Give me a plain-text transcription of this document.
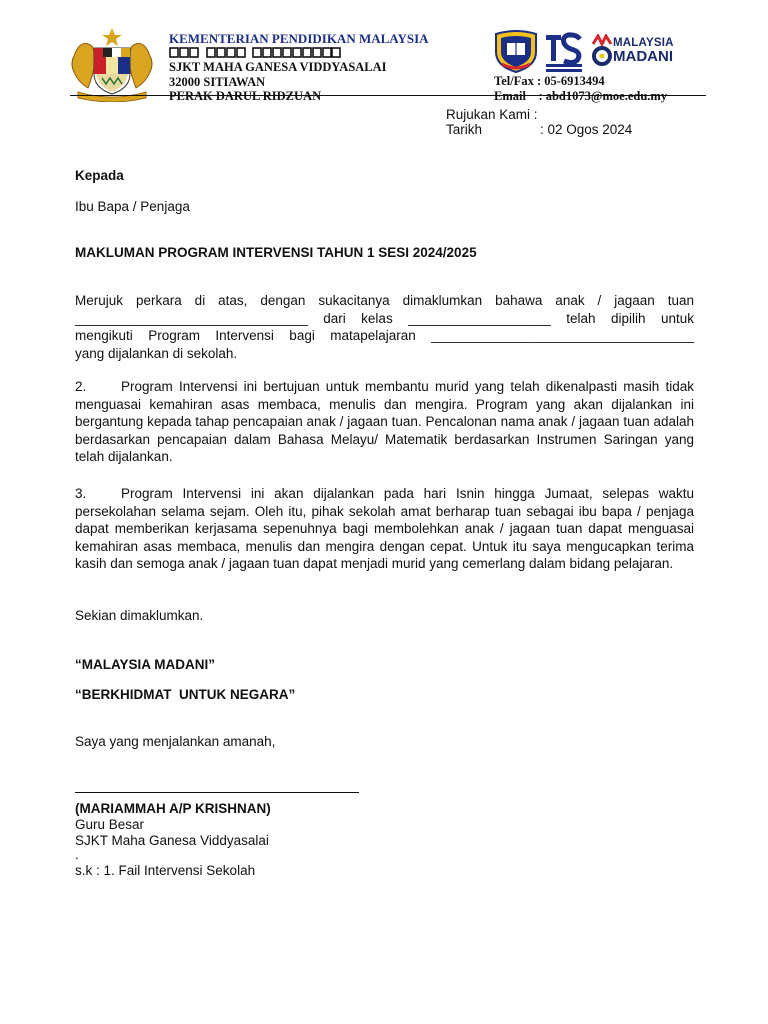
KEMENTERIAN PENDIDIKAN MALAYSIA
SJKT MAHA GANESA VIDDYASALAI
32000 SITIAWAN
PERAK DARUL RIDZUAN
MALAYSIA
MADANI
Tel/Fax : 05-6913494
Email    : abd1073@moe.edu.my
Rujukan Kami :
Tarikh	: 02 Ogos 2024
Kepada
Ibu Bapa / Penjaga
MAKLUMAN PROGRAM INTERVENSI TAHUN 1 SESI 2024/2025
Merujuk perkara di atas, dengan sukacitanya dimaklumkan bahawa anak / jagaan tuan
_______________________________ dari kelas ___________________ telah dipilih untuk
mengikuti Program Intervensi bagi matapelajaran ___________________________________
yang dijalankan di sekolah.

2.	Program Intervensi ini bertujuan untuk membantu murid yang telah dikenalpasti masih tidak menguasai kemahiran asas membaca, menulis dan mengira. Program yang akan dijalankan ini bergantung kepada tahap pencapaian anak / jagaan tuan. Pencalonan nama anak / jagaan tuan adalah berdasarkan pencapaian dalam Bahasa Melayu/ Matematik berdasarkan Instrumen Saringan yang telah dijalankan.

3.	Program Intervensi ini akan dijalankan pada hari Isnin hingga Jumaat, selepas waktu persekolahan selama sejam. Oleh itu, pihak sekolah amat berharap tuan sebagai ibu bapa / penjaga dapat memberikan kerjasama sepenuhnya bagi membolehkan anak / jagaan tuan dapat menguasai kemahiran asas membaca, menulis dan mengira dengan cepat. Untuk itu saya mengucapkan terima kasih dan semoga anak / jagaan tuan dapat menjadi murid yang cemerlang dalam bidang pelajaran.

Sekian dimaklumkan.
“MALAYSIA MADANI”
“BERKHIDMAT  UNTUK NEGARA”
Saya yang menjalankan amanah,
(MARIAMMAH A/P KRISHNAN)
Guru Besar
SJKT Maha Ganesa Viddyasalai
.
s.k : 1. Fail Intervensi Sekolah
